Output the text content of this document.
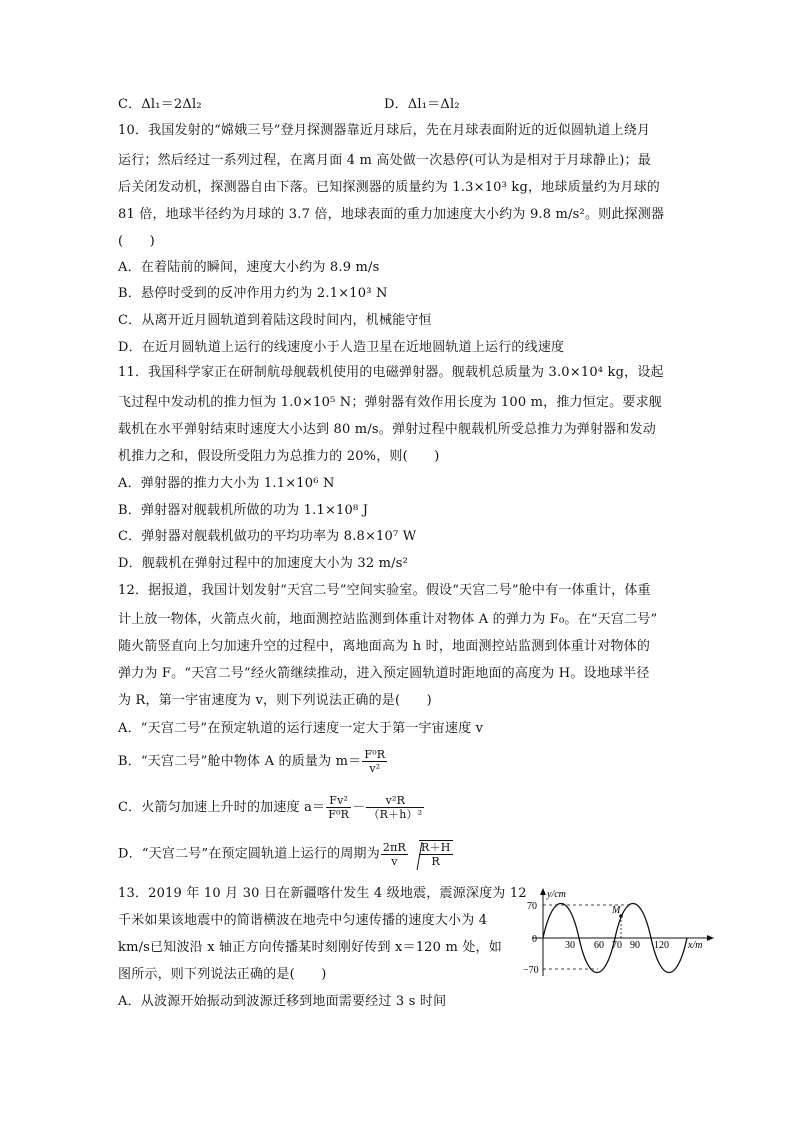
C．Δl₁＝2Δl₂	D．Δl₁＝Δl₂
10．我国发射的“嫦娥三号”登月探测器靠近月球后，先在月球表面附近的近似圆轨道上绕月
运行；然后经过一系列过程，在离月面 4 m 高处做一次悬停(可认为是相对于月球静止)；最
后关闭发动机，探测器自由下落。已知探测器的质量约为 1.3×10³ kg，地球质量约为月球的
81 倍，地球半径约为月球的 3.7 倍，地球表面的重力加速度大小约为 9.8 m/s²。则此探测器
(　　)
A．在着陆前的瞬间，速度大小约为 8.9 m/s
B．悬停时受到的反冲作用力约为 2.1×10³ N
C．从离开近月圆轨道到着陆这段时间内，机械能守恒
D．在近月圆轨道上运行的线速度小于人造卫星在近地圆轨道上运行的线速度
11．我国科学家正在研制航母舰载机使用的电磁弹射器。舰载机总质量为 3.0×10⁴ kg，设起
飞过程中发动机的推力恒为 1.0×10⁵ N；弹射器有效作用长度为 100 m，推力恒定。要求舰
载机在水平弹射结束时速度大小达到 80 m/s。弹射过程中舰载机所受总推力为弹射器和发动
机推力之和，假设所受阻力为总推力的 20%，则(　　)
A．弹射器的推力大小为 1.1×10⁶ N
B．弹射器对舰载机所做的功为 1.1×10⁸ J
C．弹射器对舰载机做功的平均功率为 8.8×10⁷ W
D．舰载机在弹射过程中的加速度大小为 32 m/s²
12．据报道，我国计划发射“天宫二号”空间实验室。假设“天宫二号”舱中有一体重计，体重
计上放一物体，火箭点火前，地面测控站监测到体重计对物体 A 的弹力为 F₀。在“天宫二号”
随火箭竖直向上匀加速升空的过程中，离地面高为 h 时，地面测控站监测到体重计对物体的
弹力为 F。“天宫二号”经火箭继续推动，进入预定圆轨道时距地面的高度为 H。设地球半径
为 R，第一宇宙速度为 v，则下列说法正确的是(　　)
A．“天宫二号”在预定轨道的运行速度一定大于第一宇宙速度 v
B．“天宫二号”舱中物体 A 的质量为 $m= \frac{\text{F⁰R}}{\text{v²}}$
C．火箭匀加速上升时的加速度 $a= \frac{\text{Fv²}}{\text{F⁰R}} - \frac{\text{v²R}}{\text{（R＋h）²}}$
D．“天宫二号”在预定圆轨道上运行的周期为 $\frac{2\pi R}{v} \frac{R+H}{R}$
13．2019 年 10 月 30 日在新疆喀什发生 4 级地震，震源深度为 12
千米如果该地震中的简谐横波在地壳中匀速传播的速度大小为 4
km/s已知波沿 x 轴正方向传播某时刻刚好传到 x＝120 m 处，如
图所示，则下列说法正确的是(　　)
A．从波源开始振动到波源迁移到地面需要经过 3 s 时间
y/cm
x/m
70
−70
0
M
30 60 70 90 120
